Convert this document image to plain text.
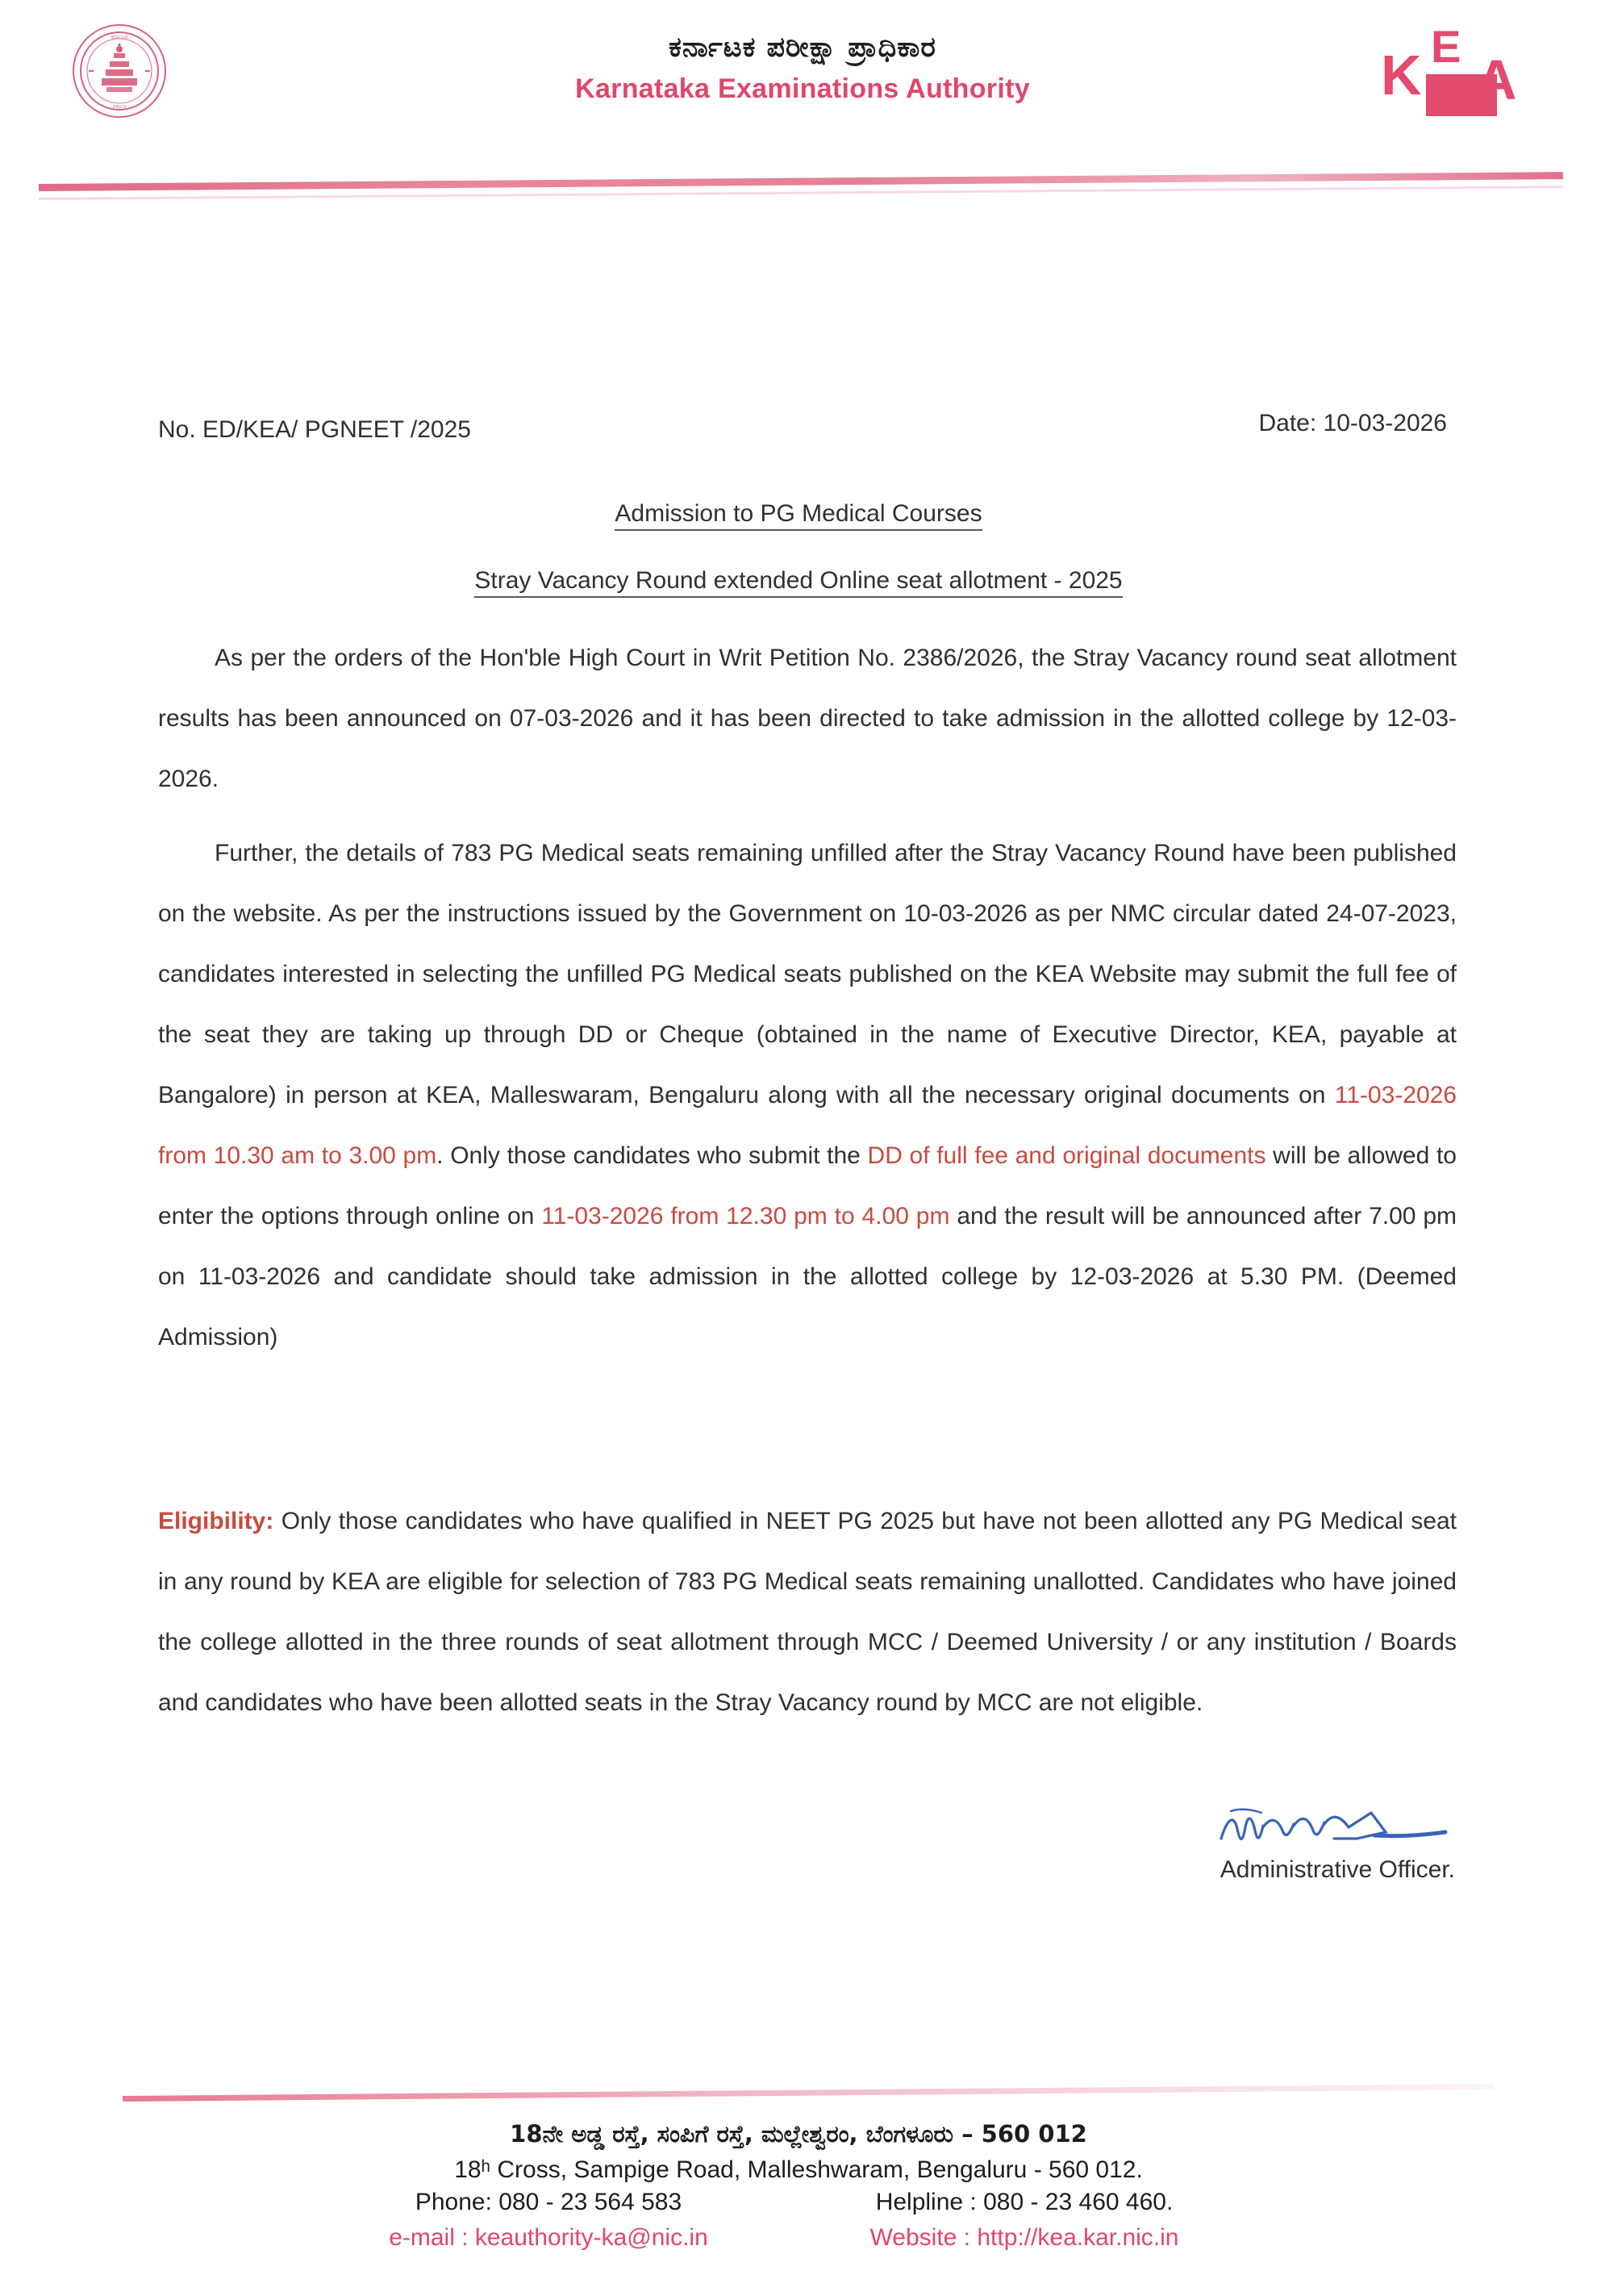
ಕರ್ನಾಟಕ
ಸರ್ಕಾರ
ಕರ್ನಾಟಕ ಪರೀಕ್ಷಾ ಪ್ರಾಧಿಕಾರ
Karnataka Examinations Authority	K E
A
No. ED/KEA/ PGNEET /2025	Date: 10-03-2026
Admission to PG Medical Courses
Stray Vacancy Round extended Online seat allotment - 2025
As per the orders of the Hon'ble High Court in Writ Petition No. 2386/2026, the Stray Vacancy round seat allotment results has been announced on 07-03-2026 and it has been directed to take admission in the allotted college by 12-03-2026.
Further, the details of 783 PG Medical seats remaining unfilled after the Stray Vacancy Round have been published on the website. As per the instructions issued by the Government on 10-03-2026 as per NMC circular dated 24-07-2023, candidates interested in selecting the unfilled PG Medical seats published on the KEA Website may submit the full fee of the seat they are taking up through DD or Cheque (obtained in the name of Executive Director, KEA, payable at Bangalore) in person at KEA, Malleswaram, Bengaluru along with all the necessary original documents on 11-03-2026 from 10.30 am to 3.00 pm. Only those candidates who submit the DD of full fee and original documents will be allowed to enter the options through online on 11-03-2026 from 12.30 pm to 4.00 pm and the result will be announced after 7.00 pm on 11-03-2026 and candidate should take admission in the allotted college by 12-03-2026 at 5.30 PM. (Deemed Admission)
Eligibility: Only those candidates who have qualified in NEET PG 2025 but have not been allotted any PG Medical seat in any round by KEA are eligible for selection of 783 PG Medical seats remaining unallotted. Candidates who have joined the college allotted in the three rounds of seat allotment through MCC / Deemed University / or any institution / Boards and candidates who have been allotted seats in the Stray Vacancy round by MCC are not eligible.
Administrative Officer.
18ನೇ ಅಡ್ಡ ರಸ್ತೆ, ಸಂಪಿಗೆ ರಸ್ತೆ, ಮಲ್ಲೇಶ್ವರಂ, ಬೆಂಗಳೂರು – 560 012
18ʰ Cross, Sampige Road, Malleshwaram, Bengaluru - 560 012.
Phone: 080 - 23 564 583	Helpline : 080 - 23 460 460.
e-mail : keauthority-ka@nic.in	Website : http://kea.kar.nic.in
